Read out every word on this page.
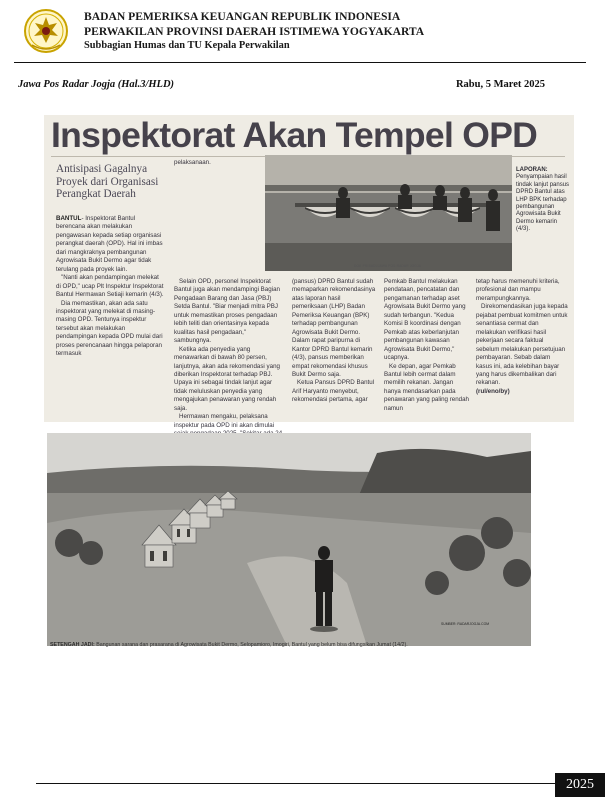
BADAN PEMERIKSA KEUANGAN REPUBLIK INDONESIA
PERWAKILAN PROVINSI DAERAH ISTIMEWA YOGYAKARTA
Subbagian Humas dan TU Kepala Perwakilan
Jawa Pos Radar Jogja (Hal.3/HLD)	Rabu, 5 Maret 2025
Inspektorat Akan Tempel OPD
Antisipasi Gagalnya Proyek dari Organisasi Perangkat Daerah

BANTUL- Inspektorat Bantul berencana akan melakukan pengawasan kepada setiap organisasi perangkat daerah (OPD). Hal ini imbas dari mangkraknya pembangunan Agrowisata Bukit Dermo agar tidak terulang pada proyek lain.

"Nanti akan pendampingan melekat di OPD," ucap Plt Inspektur Inspektorat Bantul Hermawan Setiaji kemarin (4/3).

Dia memastikan, akan ada satu inspektorat yang melekat di masing-masing OPD. Tentunya inspektur tersebut akan melakukan pendampingan kepada OPD mulai dari proses perencanaan hingga pelaporan termasuk

pelaksanaan.

DOK PRIBADI/JAWA POS RADAR JOGJA
LAPORAN: Penyampaian hasil tindak lanjut pansus DPRD Bantul atas LHP BPK terhadap pembangunan Agrowisata Bukit Dermo kemarin (4/3).

Selain OPD, personel Inspektorat Bantul juga akan mendampingi Bagian Pengadaan Barang dan Jasa (PBJ) Setda Bantul. "Biar menjadi mitra PBJ untuk memastikan proses pengadaan lebih teliti dan orientasinya kepada kualitas hasil pengadaan," sambungnya.

Ketika ada penyedia yang menawarkan di bawah 80 persen, lanjutnya, akan ada rekomendasi yang diberikan Inspektorat terhadap PBJ. Upaya ini sebagai tindak lanjut agar tidak meluluskan penyedia yang mengajukan penawaran yang rendah saja.

Hermawan mengaku, pelaksana inspektur pada OPD ini akan dimulai

(pansus) DPRD Bantul sudah memaparkan rekomendasinya atas laporan hasil pemeriksaan (LHP) Badan Pemeriksa Keuangan (BPK) terhadap pembangunan Agrowisata Bukit Dermo. Dalam rapat paripurna di Kantor DPRD Bantul kemarin (4/3), pansus memberikan empat rekomendasi khusus Bukit Dermo saja.

Ketua Pansus DPRD Bantul Arif Haryanto menyebut, rekomendasi pertama, agar

Pemkab Bantul melakukan pendataan, pencatatan dan pengamanan terhadap aset Agrowisata Bukit Dermo yang sudah terbangun. "Kedua Komisi B koordinasi dengan Pemkab atas keberlanjutan pembangunan kawasan Agrowisata Bukit Dermo," ucapnya.

Ke depan, agar Pemkab Bantul lebih cermat dalam memilih rekanan. Jangan hanya mendasarkan pada penawaran yang paling rendah namun

tetap harus memenuhi kriteria, profesional dan mampu merampungkannya.

Direkomendasikan juga kepada pejabat pembuat komitmen untuk senantiasa cermat dan melakukan verifikasi hasil pekerjaan secara faktual sebelum melakukan persetujuan pembayaran. Sebab dalam kasus ini, ada kelebihan bayar yang harus dikembalikan dari rekanan.

(rul/eno/by)

SUMBER: RADARJOGJA.COM
SETENGAH JADI: Bangunan sarana dan prasarana di Agrowisata Bukit Dermo, Selopamioro, Imogiri, Bantul yang belum bisa difungsikan Jumat (14/2).
2025
